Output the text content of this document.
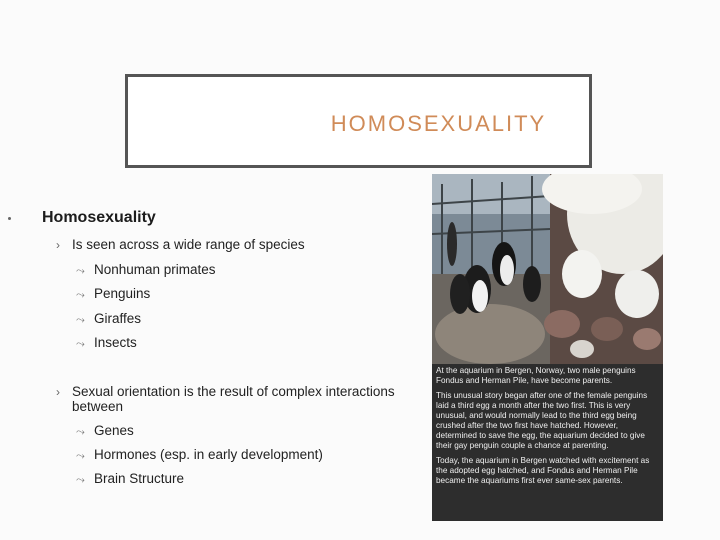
HOMOSEXUALITY
Homosexuality
› Is seen across a wide range of species
⤳ Nonhuman primates
⤳ Penguins
⤳ Giraffes
⤳ Insects
› Sexual orientation is the result of complex interactions
between
⤳ Genes
⤳ Hormones (esp. in early development)
⤳ Brain Structure

At the aquarium in Bergen, Norway, two male penguins Fondus and Herman Pile, have become parents.

This unusual story began after one of the female penguins laid a third egg a month after the two first. This is very unusual, and would normally lead to the third egg being crushed after the two first have hatched. However, determined to save the egg, the aquarium decided to give their gay penguin couple a chance at parenting.

Today, the aquarium in Bergen watched with excitement as the adopted egg hatched, and Fondus and Herman Pile became the aquariums first ever same-sex parents.
